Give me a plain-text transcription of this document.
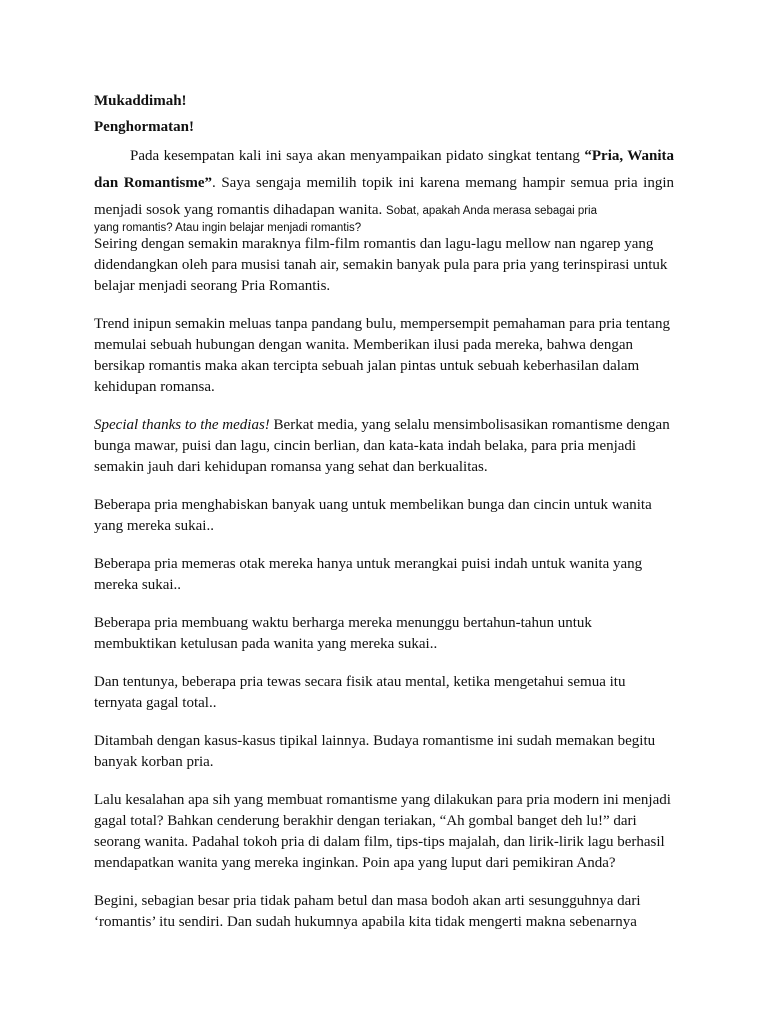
Mukaddimah!
Penghormatan!

Pada kesempatan kali ini saya akan menyampaikan pidato singkat tentang “Pria, Wanita dan Romantisme”. Saya sengaja memilih topik ini karena memang hampir semua pria ingin menjadi sosok yang romantis dihadapan wanita. Sobat, apakah Anda merasa sebagai pria

yang romantis? Atau ingin belajar menjadi romantis?

Seiring dengan semakin maraknya film-film romantis dan lagu-lagu mellow nan ngarep yang didendangkan oleh para musisi tanah air, semakin banyak pula para pria yang terinspirasi untuk belajar menjadi seorang Pria Romantis.

Trend inipun semakin meluas tanpa pandang bulu, mempersempit pemahaman para pria tentang memulai sebuah hubungan dengan wanita. Memberikan ilusi pada mereka, bahwa dengan bersikap romantis maka akan tercipta sebuah jalan pintas untuk sebuah keberhasilan dalam kehidupan romansa.

Special thanks to the medias! Berkat media, yang selalu mensimbolisasikan romantisme dengan bunga mawar, puisi dan lagu, cincin berlian, dan kata-kata indah belaka, para pria menjadi semakin jauh dari kehidupan romansa yang sehat dan berkualitas.

Beberapa pria menghabiskan banyak uang untuk membelikan bunga dan cincin untuk wanita yang mereka sukai..

Beberapa pria memeras otak mereka hanya untuk merangkai puisi indah untuk wanita yang mereka sukai..

Beberapa pria membuang waktu berharga mereka menunggu bertahun-tahun untuk membuktikan ketulusan pada wanita yang mereka sukai..

Dan tentunya, beberapa pria tewas secara fisik atau mental, ketika mengetahui semua itu ternyata gagal total..

Ditambah dengan kasus-kasus tipikal lainnya. Budaya romantisme ini sudah memakan begitu banyak korban pria.

Lalu kesalahan apa sih yang membuat romantisme yang dilakukan para pria modern ini menjadi gagal total? Bahkan cenderung berakhir dengan teriakan, “Ah gombal banget deh lu!” dari seorang wanita. Padahal tokoh pria di dalam film, tips-tips majalah, dan lirik-lirik lagu berhasil mendapatkan wanita yang mereka inginkan. Poin apa yang luput dari pemikiran Anda?

Begini, sebagian besar pria tidak paham betul dan masa bodoh akan arti sesungguhnya dari ‘romantis’ itu sendiri. Dan sudah hukumnya apabila kita tidak mengerti makna sebenarnya
